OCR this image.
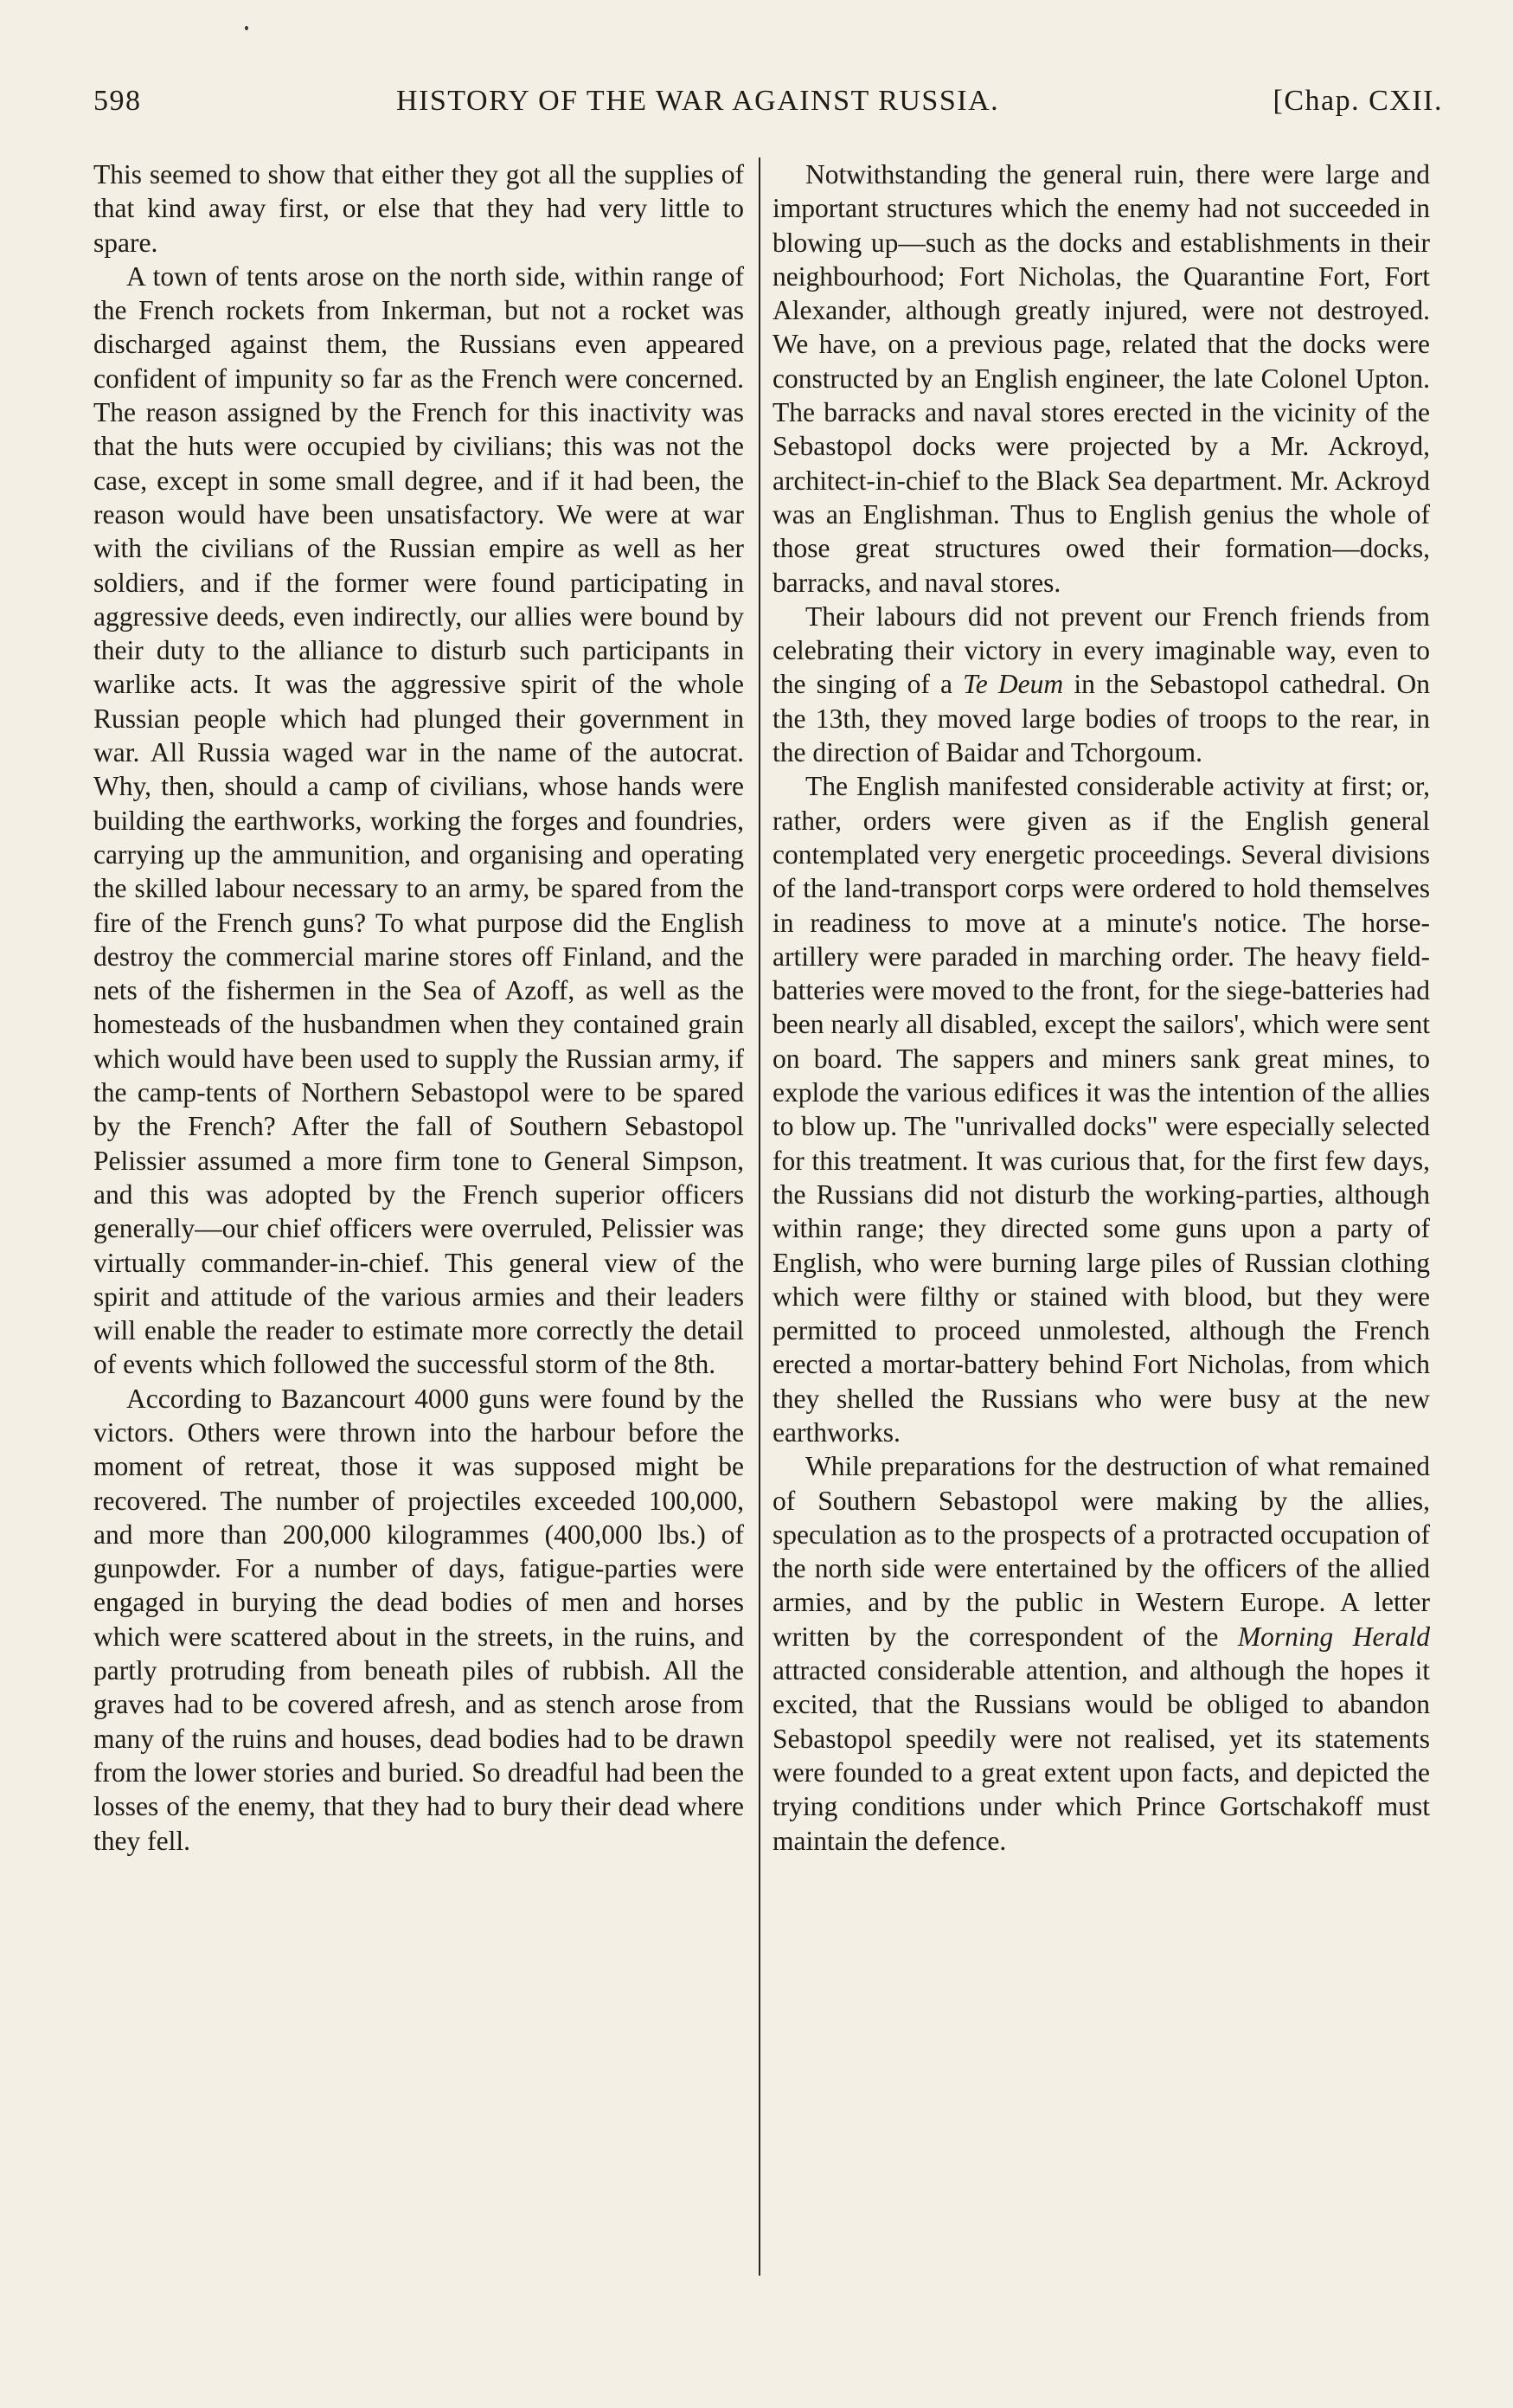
598	HISTORY OF THE WAR AGAINST RUSSIA.	[Chap. CXII.

This seemed to show that either they got all the supplies of that kind away first, or else that they had very little to spare.

A town of tents arose on the north side, within range of the French rockets from Inkerman, but not a rocket was discharged against them, the Russians even appeared confident of impunity so far as the French were concerned. The reason assigned by the French for this inactivity was that the huts were occupied by civilians; this was not the case, except in some small degree, and if it had been, the reason would have been unsatisfactory. We were at war with the civilians of the Russian empire as well as her soldiers, and if the former were found participating in aggressive deeds, even indirectly, our allies were bound by their duty to the alliance to disturb such participants in warlike acts. It was the aggressive spirit of the whole Russian people which had plunged their government in war. All Russia waged war in the name of the autocrat. Why, then, should a camp of civilians, whose hands were building the earthworks, working the forges and foundries, carrying up the ammunition, and organising and operating the skilled labour necessary to an army, be spared from the fire of the French guns? To what purpose did the English destroy the commercial marine stores off Finland, and the nets of the fishermen in the Sea of Azoff, as well as the homesteads of the husbandmen when they contained grain which would have been used to supply the Russian army, if the camp-tents of Northern Sebastopol were to be spared by the French? After the fall of Southern Sebastopol Pelissier assumed a more firm tone to General Simpson, and this was adopted by the French superior officers generally—our chief officers were overruled, Pelissier was virtually commander-in-chief. This general view of the spirit and attitude of the various armies and their leaders will enable the reader to estimate more correctly the detail of events which followed the successful storm of the 8th.

According to Bazancourt 4000 guns were found by the victors. Others were thrown into the harbour before the moment of retreat, those it was supposed might be recovered. The number of projectiles exceeded 100,000, and more than 200,000 kilogrammes (400,000 lbs.) of gunpowder. For a number of days, fatigue-parties were engaged in burying the dead bodies of men and horses which were scattered about in the streets, in the ruins, and partly protruding from beneath piles of rubbish. All the graves had to be covered afresh, and as stench arose from many of the ruins and houses, dead bodies had to be drawn from the lower stories and buried. So dreadful had been the losses of the enemy, that they had to bury their dead where they fell.

Notwithstanding the general ruin, there were large and important structures which the enemy had not succeeded in blowing up—such as the docks and establishments in their neighbourhood; Fort Nicholas, the Quarantine Fort, Fort Alexander, although greatly injured, were not destroyed. We have, on a previous page, related that the docks were constructed by an English engineer, the late Colonel Upton. The barracks and naval stores erected in the vicinity of the Sebastopol docks were projected by a Mr. Ackroyd, architect-in-chief to the Black Sea department. Mr. Ackroyd was an Englishman. Thus to English genius the whole of those great structures owed their formation—docks, barracks, and naval stores.

Their labours did not prevent our French friends from celebrating their victory in every imaginable way, even to the singing of a Te Deum in the Sebastopol cathedral. On the 13th, they moved large bodies of troops to the rear, in the direction of Baidar and Tchorgoum.

The English manifested considerable activity at first; or, rather, orders were given as if the English general contemplated very energetic proceedings. Several divisions of the land-transport corps were ordered to hold themselves in readiness to move at a minute's notice. The horse-artillery were paraded in marching order. The heavy field-batteries were moved to the front, for the siege-batteries had been nearly all disabled, except the sailors', which were sent on board. The sappers and miners sank great mines, to explode the various edifices it was the intention of the allies to blow up. The "unrivalled docks" were especially selected for this treatment. It was curious that, for the first few days, the Russians did not disturb the working-parties, although within range; they directed some guns upon a party of English, who were burning large piles of Russian clothing which were filthy or stained with blood, but they were permitted to proceed unmolested, although the French erected a mortar-battery behind Fort Nicholas, from which they shelled the Russians who were busy at the new earthworks.

While preparations for the destruction of what remained of Southern Sebastopol were making by the allies, speculation as to the prospects of a protracted occupation of the north side were entertained by the officers of the allied armies, and by the public in Western Europe. A letter written by the correspondent of the Morning Herald attracted considerable attention, and although the hopes it excited, that the Russians would be obliged to abandon Sebastopol speedily were not realised, yet its statements were founded to a great extent upon facts, and depicted the trying conditions under which Prince Gortschakoff must maintain the defence.
